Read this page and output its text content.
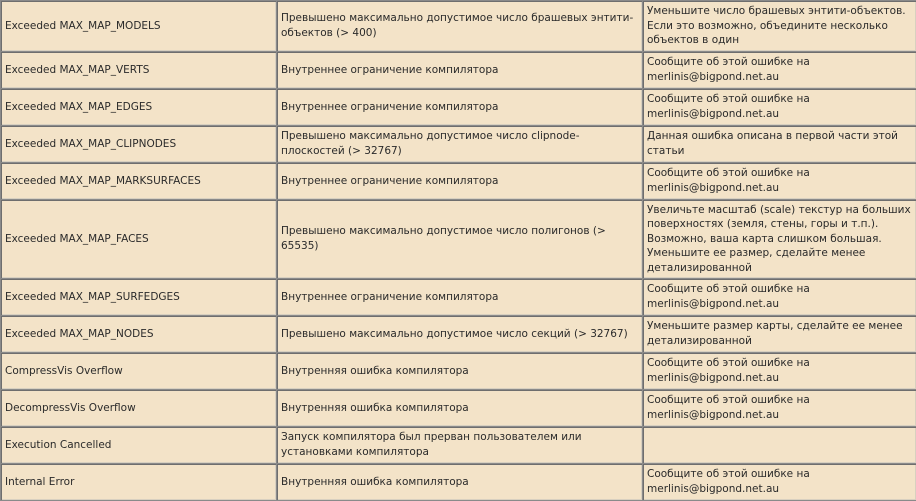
Exceeded MAX_MAP_MODELS	Превышено максимально допустимое число брашевых энтити-объектов (> 400)	Уменьшите число брашевых энтити-объектов. Если это возможно, объедините несколько объектов в один
Exceeded MAX_MAP_VERTS	Внутреннее ограничение компилятора	Сообщите об этой ошибке на merlinis@bigpond.net.au
Exceeded MAX_MAP_EDGES	Внутреннее ограничение компилятора	Сообщите об этой ошибке на merlinis@bigpond.net.au
Exceeded MAX_MAP_CLIPNODES	Превышено максимально допустимое число clipnode-плоскостей (> 32767)	Данная ошибка описана в первой части этой статьи
Exceeded MAX_MAP_MARKSURFACES	Внутреннее ограничение компилятора	Сообщите об этой ошибке на merlinis@bigpond.net.au
Exceeded MAX_MAP_FACES	Превышено максимально допустимое число полигонов (> 65535)	Увеличьте масштаб (scale) текстур на больших поверхностях (земля, стены, горы и т.п.). Возможно, ваша карта слишком большая. Уменьшите ее размер, сделайте менее детализированной
Exceeded MAX_MAP_SURFEDGES	Внутреннее ограничение компилятора	Сообщите об этой ошибке на merlinis@bigpond.net.au
Exceeded MAX_MAP_NODES	Превышено максимально допустимое число секций (> 32767)	Уменьшите размер карты, сделайте ее менее детализированной
CompressVis Overflow	Внутренняя ошибка компилятора	Сообщите об этой ошибке на merlinis@bigpond.net.au
DecompressVis Overflow	Внутренняя ошибка компилятора	Сообщите об этой ошибке на merlinis@bigpond.net.au
Execution Cancelled	Запуск компилятора был прерван пользователем или установками компилятора	
Internal Error	Внутренняя ошибка компилятора	Сообщите об этой ошибке на merlinis@bigpond.net.au
